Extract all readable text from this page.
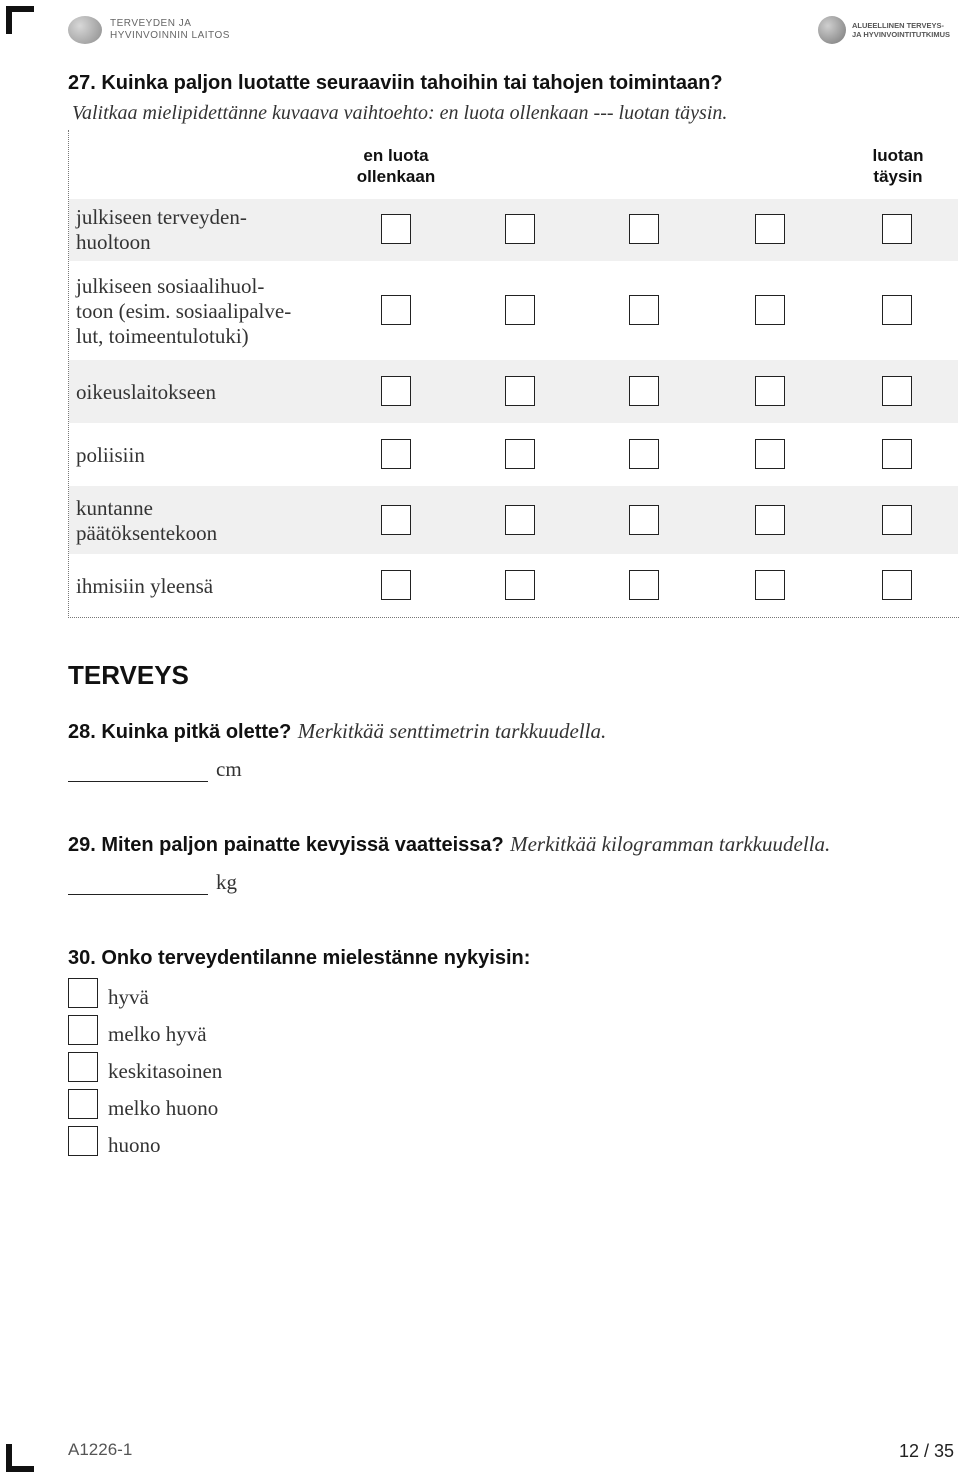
TERVEYDEN JA
HYVINVOINNIN LAITOS
ALUEELLINEN TERVEYS-
JA HYVINVOINTITUTKIMUS
27. Kuinka paljon luotatte seuraaviin tahoihin tai tahojen toimintaan?
Valitkaa mielipidettänne kuvaava vaihtoehto: en luota ollenkaan --- luotan täysin.
en luota
ollenkaan
luotan
täysin
julkiseen terveyden-
huoltoon
julkiseen sosiaalihuol-
toon (esim. sosiaalipalve-
lut, toimeentulotuki)
oikeuslaitokseen
poliisiin
kuntanne
päätöksentekoon
ihmisiin yleensä
TERVEYS
28. Kuinka pitkä olette? Merkitkää senttimetrin tarkkuudella.
cm
29. Miten paljon painatte kevyissä vaatteissa? Merkitkää kilogramman tarkkuudella.
kg
30. Onko terveydentilanne mielestänne nykyisin:
hyvä
melko hyvä
keskitasoinen
melko huono
huono
A1226-1	12 / 35
